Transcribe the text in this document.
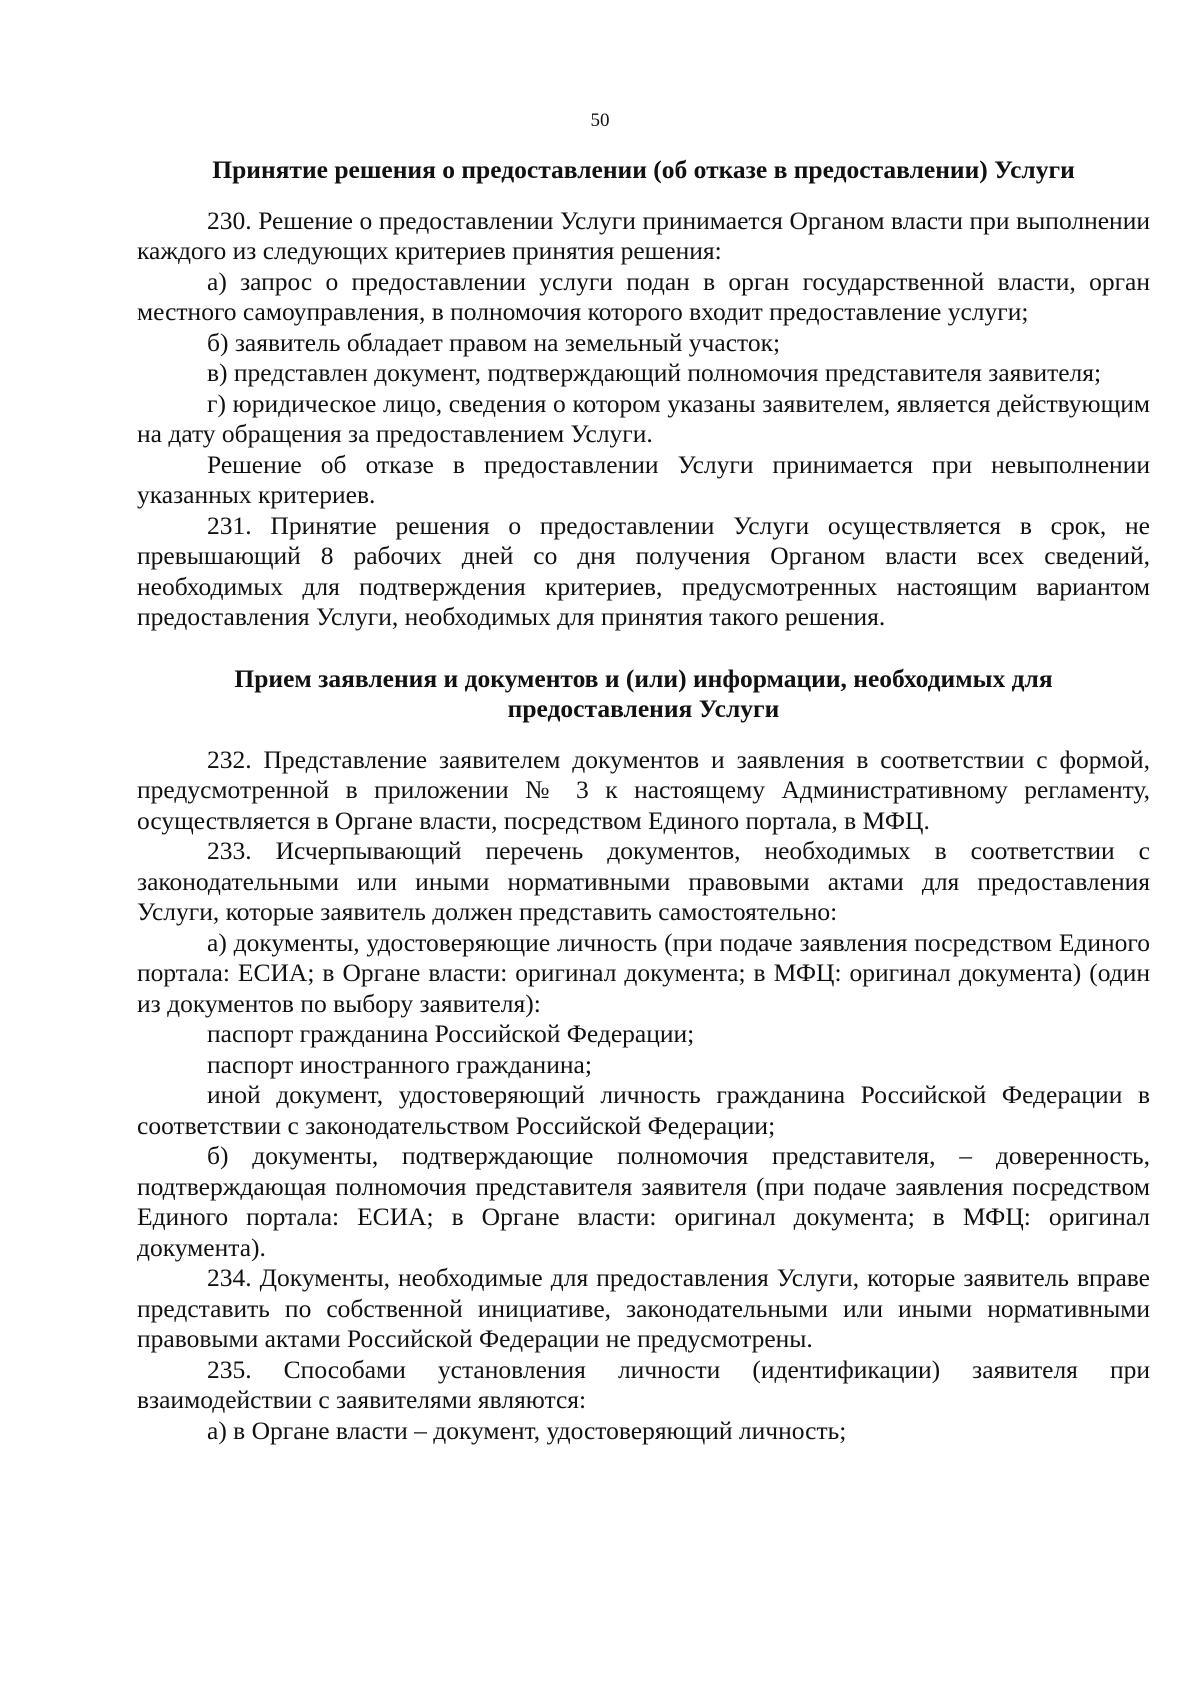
50
Принятие решения о предоставлении (об отказе в предоставлении) Услуги

230. Решение о предоставлении Услуги принимается Органом власти при выполнении каждого из следующих критериев принятия решения:

а) запрос о предоставлении услуги подан в орган государственной власти, орган местного самоуправления, в полномочия которого входит предоставление услуги;

б) заявитель обладает правом на земельный участок;

в) представлен документ, подтверждающий полномочия представителя заявителя;

г) юридическое лицо, сведения о котором указаны заявителем, является действующим на дату обращения за предоставлением Услуги.

Решение об отказе в предоставлении Услуги принимается при невыполнении указанных критериев.

231. Принятие решения о предоставлении Услуги осуществляется в срок, не превышающий 8 рабочих дней со дня получения Органом власти всех сведений, необходимых для подтверждения критериев, предусмотренных настоящим вариантом предоставления Услуги, необходимых для принятия такого решения.

Прием заявления и документов и (или) информации, необходимых для предоставления Услуги

232. Представление заявителем документов и заявления в соответствии с формой, предусмотренной в приложении № 3 к настоящему Административному регламенту, осуществляется в Органе власти, посредством Единого портала, в МФЦ.

233. Исчерпывающий перечень документов, необходимых в соответствии с законодательными или иными нормативными правовыми актами для предоставления Услуги, которые заявитель должен представить самостоятельно:

а) документы, удостоверяющие личность (при подаче заявления посредством Единого портала: ЕСИА; в Органе власти: оригинал документа; в МФЦ: оригинал документа) (один из документов по выбору заявителя):

паспорт гражданина Российской Федерации;

паспорт иностранного гражданина;

иной документ, удостоверяющий личность гражданина Российской Федерации в соответствии с законодательством Российской Федерации;

б) документы, подтверждающие полномочия представителя, – доверенность, подтверждающая полномочия представителя заявителя (при подаче заявления посредством Единого портала: ЕСИА; в Органе власти: оригинал документа; в МФЦ: оригинал документа).

234. Документы, необходимые для предоставления Услуги, которые заявитель вправе представить по собственной инициативе, законодательными или иными нормативными правовыми актами Российской Федерации не предусмотрены.

235. Способами установления личности (идентификации) заявителя при взаимодействии с заявителями являются:

а) в Органе власти – документ, удостоверяющий личность;
